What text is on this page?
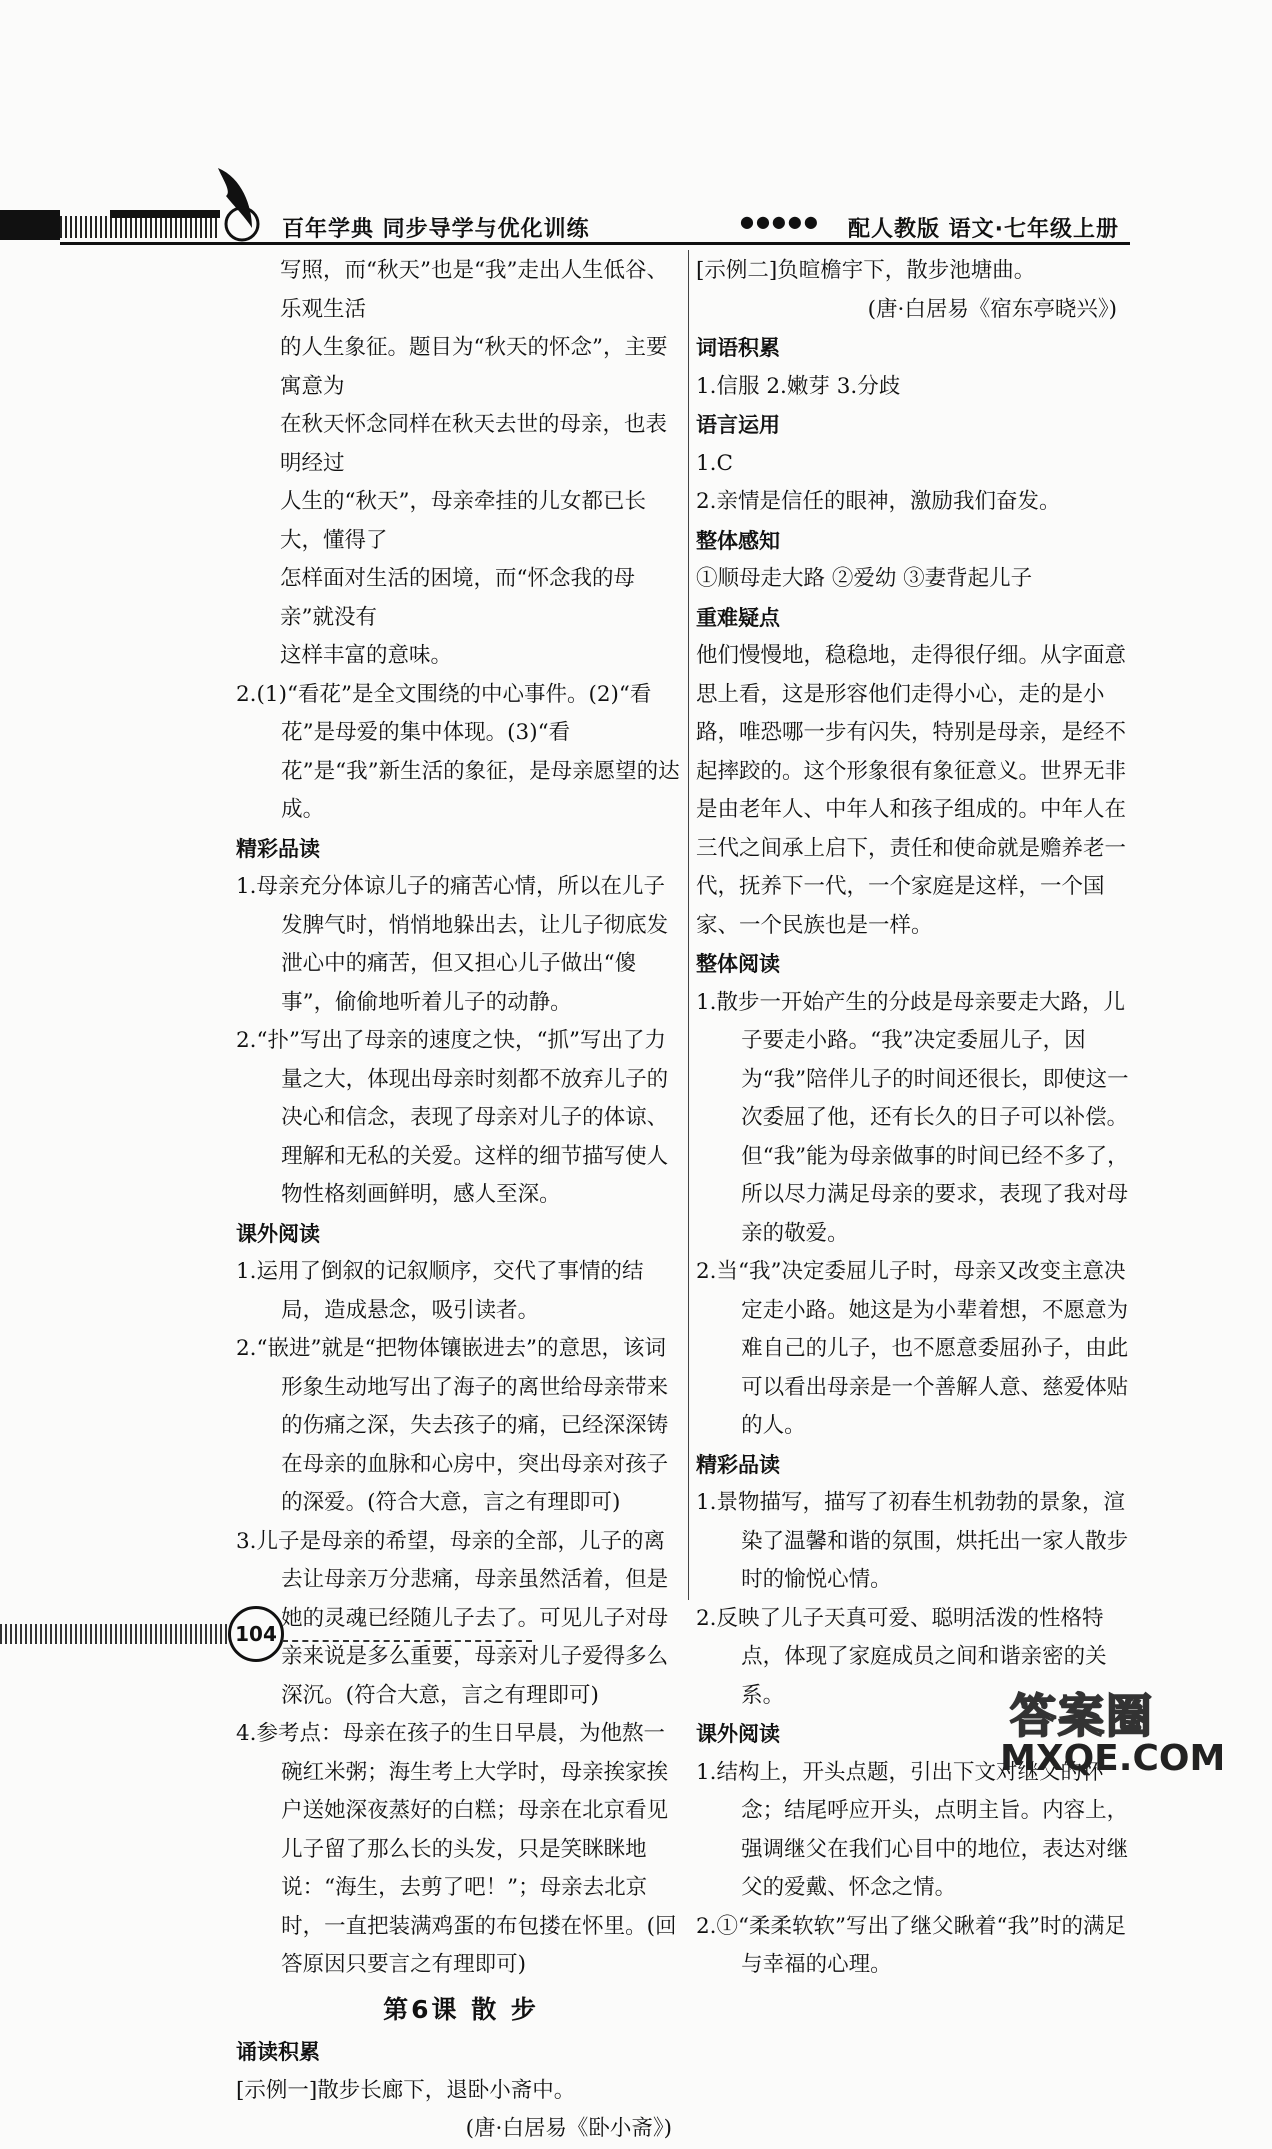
百年学典 同步导学与优化训练	●●●●● 配人教版 语文·七年级上册

写照，而“秋天”也是“我”走出人生低谷、乐观生活

的人生象征。题目为“秋天的怀念”，主要寓意为

在秋天怀念同样在秋天去世的母亲，也表明经过

人生的“秋天”，母亲牵挂的儿女都已长大，懂得了

怎样面对生活的困境，而“怀念我的母亲”就没有

这样丰富的意味。

2.(1)“看花”是全文围绕的中心事件。(2)“看花”是母爱的集中体现。(3)“看花”是“我”新生活的象征，是母亲愿望的达成。

精彩品读

1.母亲充分体谅儿子的痛苦心情，所以在儿子发脾气时，悄悄地躲出去，让儿子彻底发泄心中的痛苦，但又担心儿子做出“傻事”，偷偷地听着儿子的动静。

2.“扑”写出了母亲的速度之快，“抓”写出了力量之大，体现出母亲时刻都不放弃儿子的决心和信念，表现了母亲对儿子的体谅、理解和无私的关爱。这样的细节描写使人物性格刻画鲜明，感人至深。

课外阅读

1.运用了倒叙的记叙顺序，交代了事情的结局，造成悬念，吸引读者。

2.“嵌进”就是“把物体镶嵌进去”的意思，该词形象生动地写出了海子的离世给母亲带来的伤痛之深，失去孩子的痛，已经深深铸在母亲的血脉和心房中，突出母亲对孩子的深爱。(符合大意，言之有理即可)

3.儿子是母亲的希望，母亲的全部，儿子的离去让母亲万分悲痛，母亲虽然活着，但是她的灵魂已经随儿子去了。可见儿子对母亲来说是多么重要，母亲对儿子爱得多么深沉。(符合大意，言之有理即可)

4.参考点：母亲在孩子的生日早晨，为他熬一碗红米粥；海生考上大学时，母亲挨家挨户送她深夜蒸好的白糕；母亲在北京看见儿子留了那么长的头发，只是笑眯眯地说：“海生，去剪了吧！”；母亲去北京时，一直把装满鸡蛋的布包搂在怀里。(回答原因只要言之有理即可)

第6课 散 步

诵读积累

[示例一]散步长廊下，退卧小斋中。

(唐·白居易《卧小斋》)

[示例二]负暄檐宇下，散步池塘曲。

(唐·白居易《宿东亭晓兴》)

词语积累

1.信服 2.嫩芽 3.分歧

语言运用

1.C

2.亲情是信任的眼神，激励我们奋发。

整体感知

①顺母走大路 ②爱幼 ③妻背起儿子

重难疑点

他们慢慢地，稳稳地，走得很仔细。从字面意思上看，这是形容他们走得小心，走的是小路，唯恐哪一步有闪失，特别是母亲，是经不起摔跤的。这个形象很有象征意义。世界无非是由老年人、中年人和孩子组成的。中年人在三代之间承上启下，责任和使命就是赡养老一代，抚养下一代，一个家庭是这样，一个国家、一个民族也是一样。

整体阅读

1.散步一开始产生的分歧是母亲要走大路，儿子要走小路。“我”决定委屈儿子，因为“我”陪伴儿子的时间还很长，即使这一次委屈了他，还有长久的日子可以补偿。但“我”能为母亲做事的时间已经不多了，所以尽力满足母亲的要求，表现了我对母亲的敬爱。

2.当“我”决定委屈儿子时，母亲又改变主意决定走小路。她这是为小辈着想，不愿意为难自己的儿子，也不愿意委屈孙子，由此可以看出母亲是一个善解人意、慈爱体贴的人。

精彩品读

1.景物描写，描写了初春生机勃勃的景象，渲染了温馨和谐的氛围，烘托出一家人散步时的愉悦心情。

2.反映了儿子天真可爱、聪明活泼的性格特点，体现了家庭成员之间和谐亲密的关系。

课外阅读

1.结构上，开头点题，引出下文对继父的怀念；结尾呼应开头，点明主旨。内容上，强调继父在我们心目中的地位，表达对继父的爱戴、怀念之情。

2.①“柔柔软软”写出了继父瞅着“我”时的满足与幸福的心理。

104
答案圈
MXQE.COM
